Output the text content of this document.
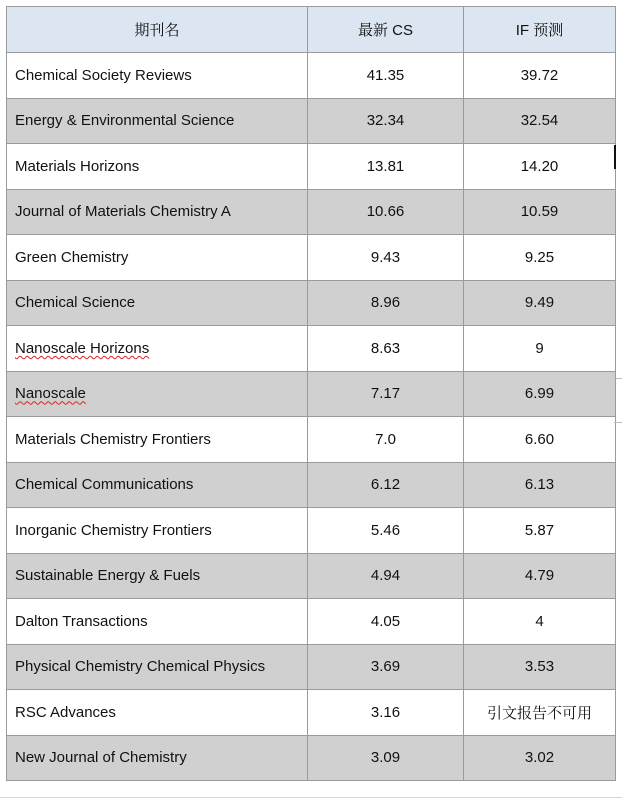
期刊名	最新 CS	IF 预测
Chemical Society Reviews	41.35	39.72
Energy & Environmental Science	32.34	32.54
Materials Horizons	13.81	14.20
Journal of Materials Chemistry A	10.66	10.59
Green Chemistry	9.43	9.25
Chemical Science	8.96	9.49
Nanoscale Horizons	8.63	9
Nanoscale	7.17	6.99
Materials Chemistry Frontiers	7.0	6.60
Chemical Communications	6.12	6.13
Inorganic Chemistry Frontiers	5.46	5.87
Sustainable Energy & Fuels	4.94	4.79
Dalton Transactions	4.05	4
Physical Chemistry Chemical Physics	3.69	3.53
RSC Advances	3.16	引文报告不可用
New Journal of Chemistry	3.09	3.02
